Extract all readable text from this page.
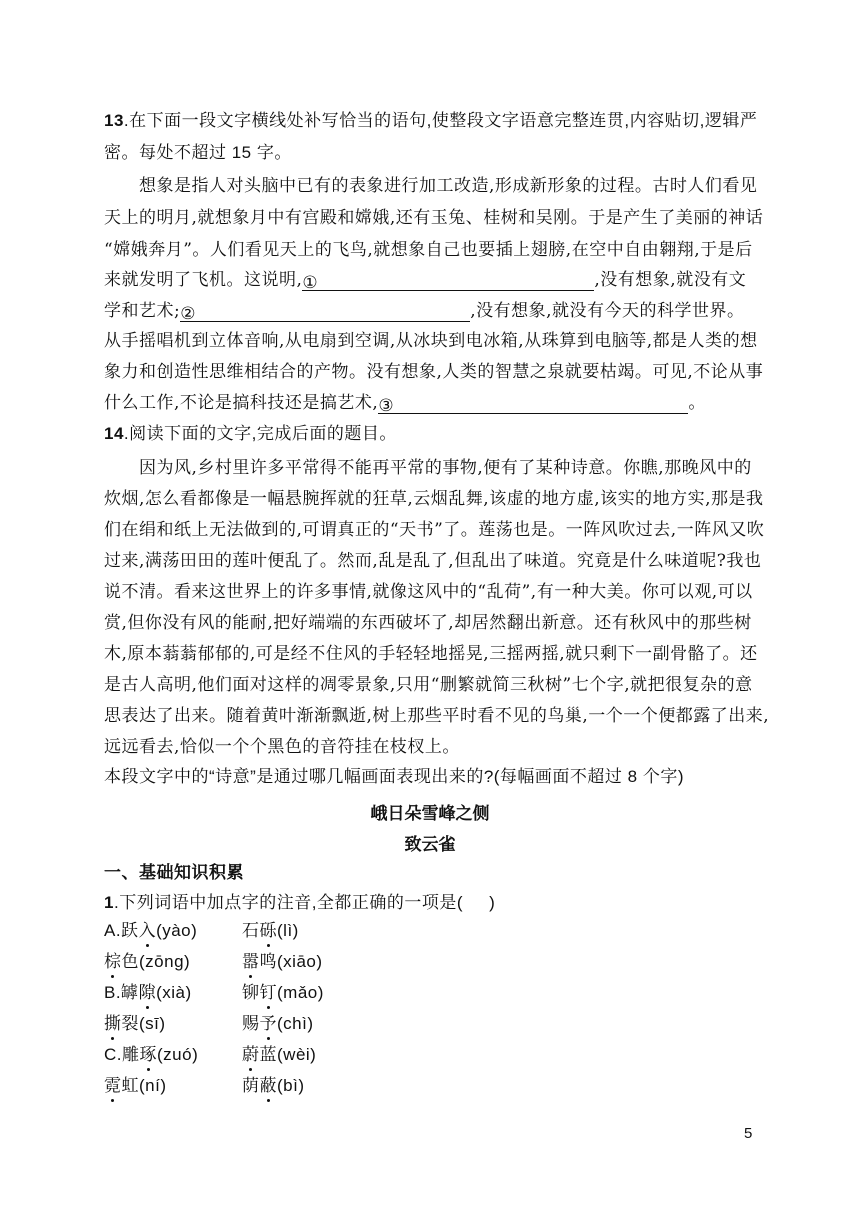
13.在下面一段文字横线处补写恰当的语句,使整段文字语意完整连贯,内容贴切,逻辑严
密。每处不超过 15 字。
想象是指人对头脑中已有的表象进行加工改造,形成新形象的过程。古时人们看见
天上的明月,就想象月中有宫殿和嫦娥,还有玉兔、桂树和吴刚。于是产生了美丽的神话
“嫦娥奔月”。人们看见天上的飞鸟,就想象自己也要插上翅膀,在空中自由翱翔,于是后
来就发明了飞机。这说明,①	,没有想象,就没有文
学和艺术;②	,没有想象,就没有今天的科学世界。
从手摇唱机到立体音响,从电扇到空调,从冰块到电冰箱,从珠算到电脑等,都是人类的想
象力和创造性思维相结合的产物。没有想象,人类的智慧之泉就要枯竭。可见,不论从事
什么工作,不论是搞科技还是搞艺术,③	。
14.阅读下面的文字,完成后面的题目。
因为风,乡村里许多平常得不能再平常的事物,便有了某种诗意。你瞧,那晚风中的
炊烟,怎么看都像是一幅悬腕挥就的狂草,云烟乱舞,该虚的地方虚,该实的地方实,那是我
们在绢和纸上无法做到的,可谓真正的“天书”了。莲荡也是。一阵风吹过去,一阵风又吹
过来,满荡田田的莲叶便乱了。然而,乱是乱了,但乱出了味道。究竟是什么味道呢?我也
说不清。看来这世界上的许多事情,就像这风中的“乱荷”,有一种大美。你可以观,可以
赏,但你没有风的能耐,把好端端的东西破坏了,却居然翻出新意。还有秋风中的那些树
木,原本蓊蓊郁郁的,可是经不住风的手轻轻地摇晃,三摇两摇,就只剩下一副骨骼了。还
是古人高明,他们面对这样的凋零景象,只用“删繁就简三秋树”七个字,就把很复杂的意
思表达了出来。随着黄叶渐渐飘逝,树上那些平时看不见的鸟巢,一个一个便都露了出来,
远远看去,恰似一个个黑色的音符挂在枝杈上。
本段文字中的“诗意”是通过哪几幅画面表现出来的?(每幅画面不超过 8 个字)
峨日朵雪峰之侧
致云雀
一、基础知识积累
1.下列词语中加点字的注音,全都正确的一项是( )
A.跃入(yào)	石砾(lì)
棕色(zōng)	嚣鸣(xiāo)
B.罅隙(xià)	铆钉(mǎo)
撕裂(sī)	赐予(chì)
C.雕琢(zuó)	蔚蓝(wèi)
霓虹(ní)	荫蔽(bì)
5
